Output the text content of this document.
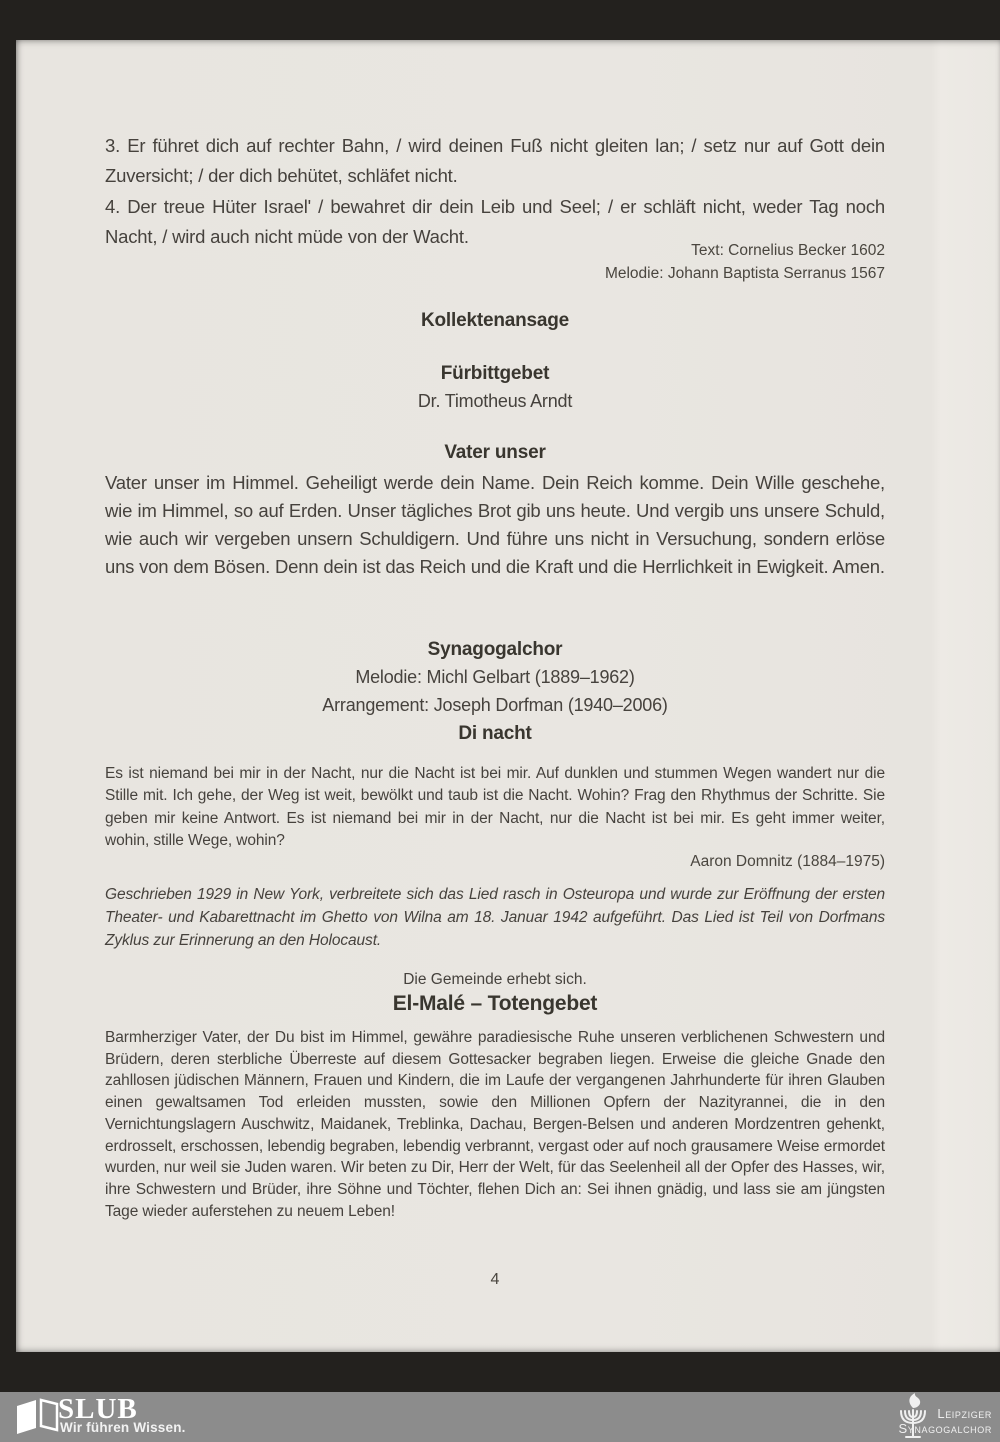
3. Er führet dich auf rechter Bahn, / wird deinen Fuß nicht gleiten lan; / setz nur auf Gott dein Zuversicht; / der dich behütet, schläfet nicht.
4. Der treue Hüter Israel' / bewahret dir dein Leib und Seel; / er schläft nicht, weder Tag noch Nacht, / wird auch nicht müde von der Wacht.
Text: Cornelius Becker 1602
Melodie: Johann Baptista Serranus 1567
Kollektenansage
Fürbittgebet
Dr. Timotheus Arndt
Vater unser
Vater unser im Himmel. Geheiligt werde dein Name. Dein Reich komme. Dein Wille geschehe, wie im Himmel, so auf Erden. Unser tägliches Brot gib uns heute. Und vergib uns unsere Schuld, wie auch wir vergeben unsern Schuldigern. Und führe uns nicht in Versuchung, sondern erlöse uns von dem Bösen. Denn dein ist das Reich und die Kraft und die Herrlichkeit in Ewigkeit. Amen.
Synagogalchor
Melodie: Michl Gelbart (1889–1962)
Arrangement: Joseph Dorfman (1940–2006)
Di nacht
Es ist niemand bei mir in der Nacht, nur die Nacht ist bei mir. Auf dunklen und stummen Wegen wandert nur die Stille mit. Ich gehe, der Weg ist weit, bewölkt und taub ist die Nacht. Wohin? Frag den Rhythmus der Schritte. Sie geben mir keine Antwort. Es ist niemand bei mir in der Nacht, nur die Nacht ist bei mir. Es geht immer weiter, wohin, stille Wege, wohin?
Aaron Domnitz (1884–1975)
Geschrieben 1929 in New York, verbreitete sich das Lied rasch in Osteuropa und wurde zur Eröffnung der ersten Theater- und Kabarettnacht im Ghetto von Wilna am 18. Januar 1942 aufgeführt. Das Lied ist Teil von Dorfmans Zyklus zur Erinnerung an den Holocaust.
Die Gemeinde erhebt sich.
El-Malé – Totengebet
Barmherziger Vater, der Du bist im Himmel, gewähre paradiesische Ruhe unseren verblichenen Schwestern und Brüdern, deren sterbliche Überreste auf diesem Gottesacker begraben liegen. Erweise die gleiche Gnade den zahllosen jüdischen Männern, Frauen und Kindern, die im Laufe der vergangenen Jahrhunderte für ihren Glauben einen gewaltsamen Tod erleiden mussten, sowie den Millionen Opfern der Nazityrannei, die in den Vernichtungslagern Auschwitz, Maidanek, Treblinka, Dachau, Bergen-Belsen und anderen Mordzentren gehenkt, erdrosselt, erschossen, lebendig begraben, lebendig verbrannt, vergast oder auf noch grausamere Weise ermordet wurden, nur weil sie Juden waren. Wir beten zu Dir, Herr der Welt, für das Seelenheil all der Opfer des Hasses, wir, ihre Schwestern und Brüder, ihre Söhne und Töchter, flehen Dich an: Sei ihnen gnädig, und lass sie am jüngsten Tage wieder auferstehen zu neuem Leben!
4
SLUB
Wir führen Wissen.
Leipziger
Synagogalchor
